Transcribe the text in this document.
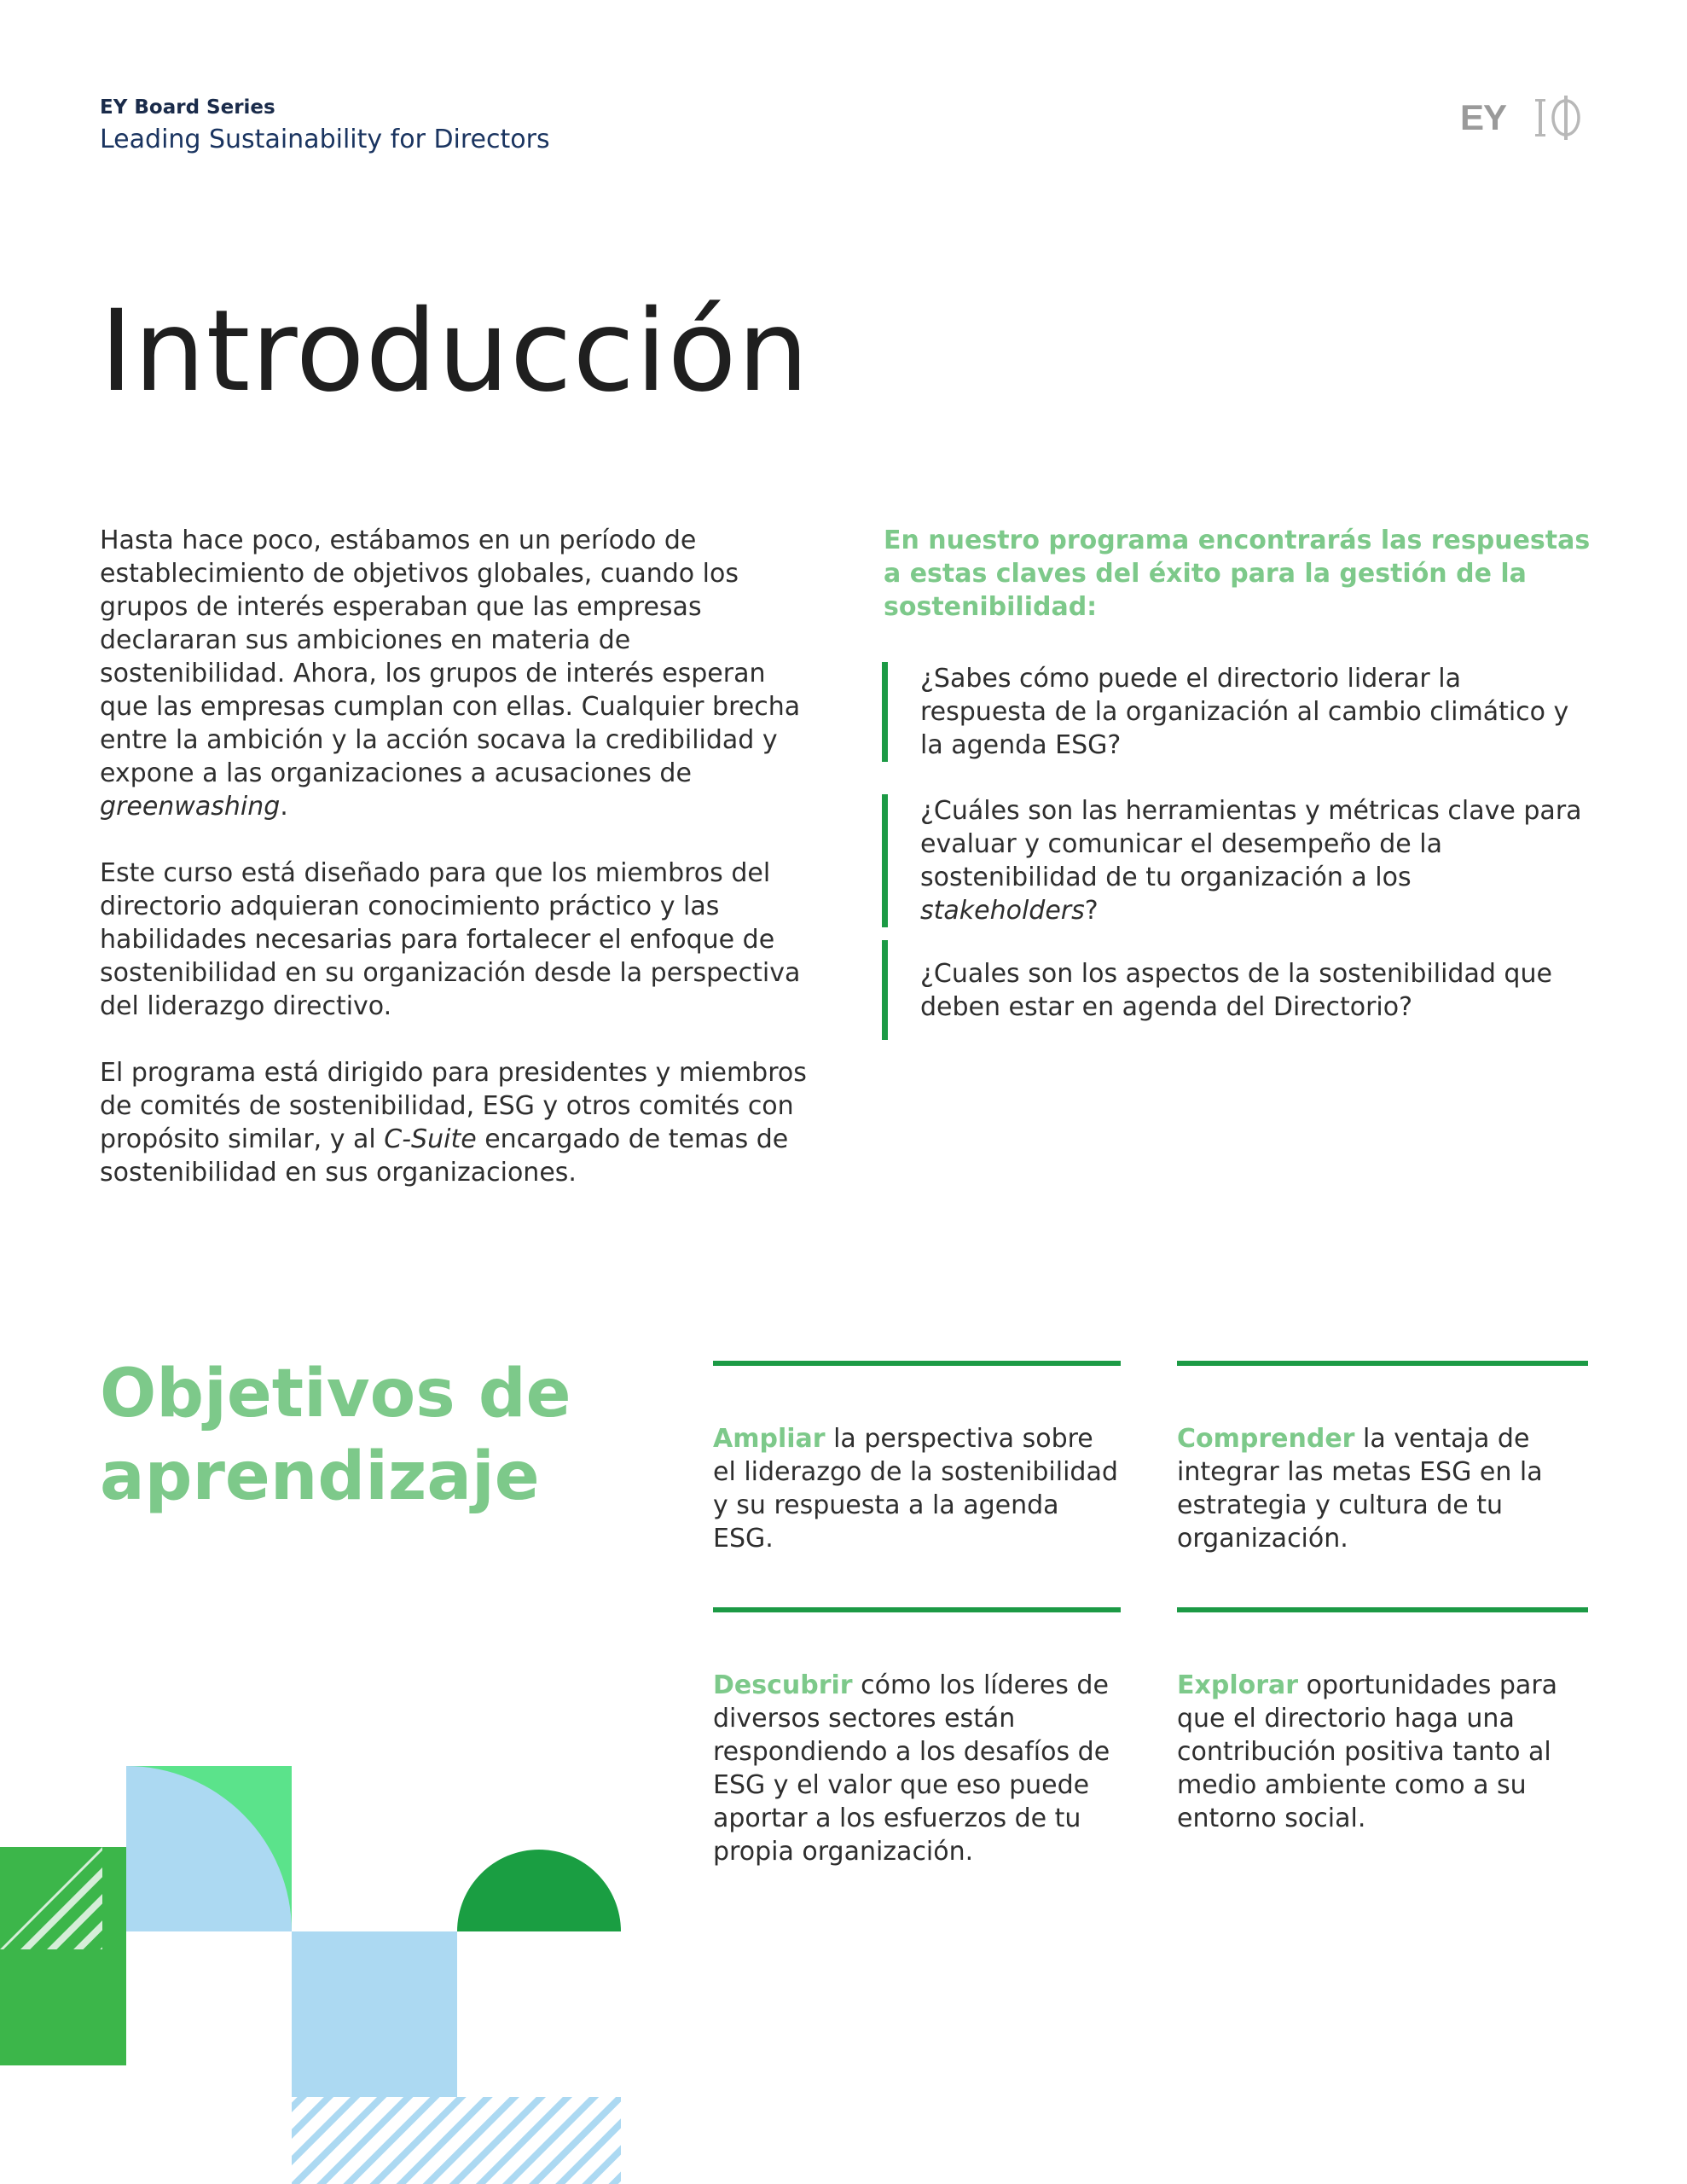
EY Board Series
Leading Sustainability for Directors
EY
Introducción

Hasta hace poco, estábamos en un período de establecimiento de objetivos globales, cuando los grupos de interés esperaban que las empresas declararan sus ambiciones en materia de sostenibilidad. Ahora, los grupos de interés esperan que las empresas cumplan con ellas. Cualquier brecha entre la ambición y la acción socava la credibilidad y expone a las organizaciones a acusaciones de greenwashing.

Este curso está diseñado para que los miembros del directorio adquieran conocimiento práctico y las habilidades necesarias para fortalecer el enfoque de sostenibilidad en su organización desde la perspectiva del liderazgo directivo.

El programa está dirigido para presidentes y miembros de comités de sostenibilidad, ESG y otros comités con propósito similar, y al C-Suite encargado de temas de sostenibilidad en sus organizaciones.

En nuestro programa encontrarás las respuestas a estas claves del éxito para la gestión de la sostenibilidad:
¿Sabes cómo puede el directorio liderar la respuesta de la organización al cambio climático y la agenda ESG?
¿Cuáles son las herramientas y métricas clave para evaluar y comunicar el desempeño de la sostenibilidad de tu organización a los stakeholders?
¿Cuales son los aspectos de la sostenibilidad que deben estar en agenda del Directorio?
Objetivos de
aprendizaje	Ampliar la perspectiva sobre el liderazgo de la sostenibilidad y su respuesta a la agenda ESG.
Comprender la ventaja de integrar las metas ESG en la estrategia y cultura de tu organización.
Descubrir cómo los líderes de diversos sectores están respondiendo a los desafíos de ESG y el valor que eso puede aportar a los esfuerzos de tu propia organización.
Explorar oportunidades para que el directorio haga una contribución positiva tanto al medio ambiente como a su entorno social.
